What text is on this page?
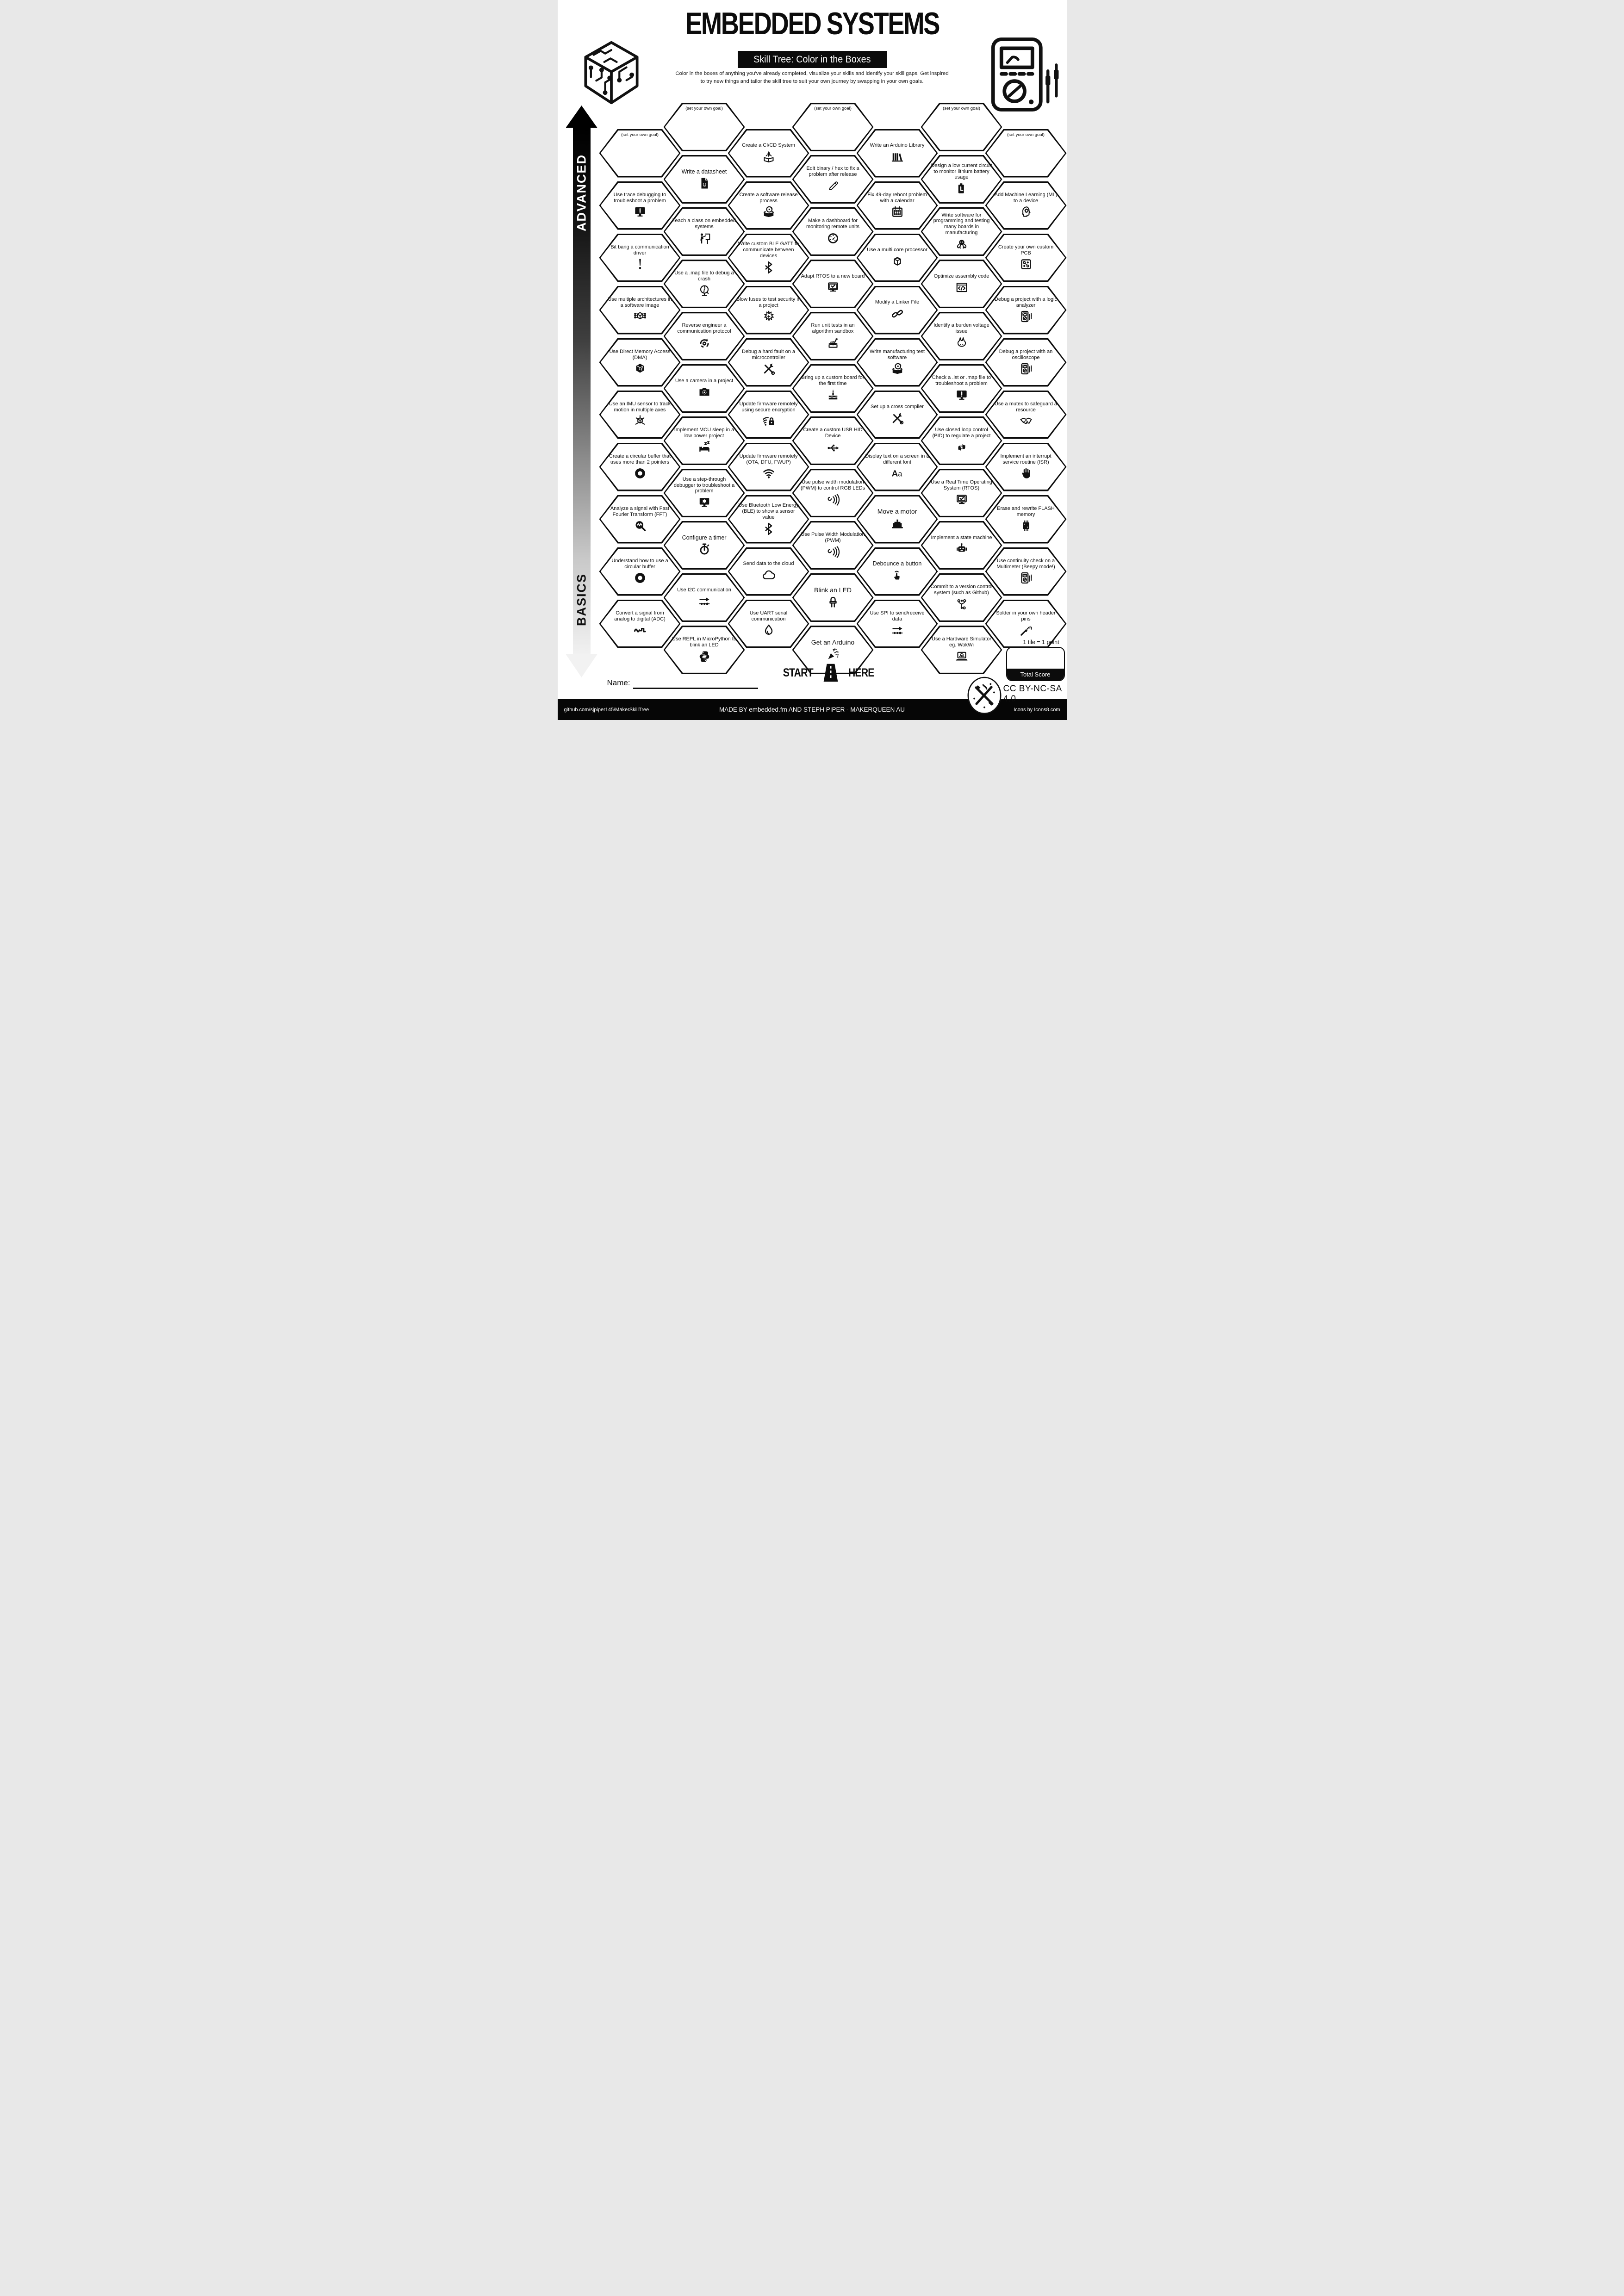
EMBEDDED SYSTEMS
Skill Tree: Color in the Boxes
Color in the boxes of anything you've already completed, visualize your skills and identify your skill gaps. Get inspired
to try new things and tailor the skill tree to suit your own journey by swapping in your own goals.
ADVANCED
BASICS
(set your own goal)
Use trace debugging to troubleshoot a problem
Bit bang a communication driver
Use multiple architectures in a software image
Use Direct Memory Access (DMA)
Use an IMU sensor to track motion in multiple axes
Create a circular buffer that uses more than 2 pointers
Analyze a signal with Fast Fourier Transform (FFT)
Understand how to use a circular buffer
Convert a signal from analog to digital (ADC)
(set your own goal)
Write a datasheet
Teach a class on embedded systems
Use a .map file to debug a crash
Reverse engineer a communication protocol
Use a camera in a project
Implement MCU sleep in a low power project
Use a step-through debugger to troubleshoot a problem
Configure a timer
Use I2C communication
Use REPL in MicroPython to blink an LED
Create a CI/CD System
Create a software release process
Write custom BLE GATT to communicate between devices
Blow fuses to test security in a project
Debug a hard fault on a microcontroller
Update firmware remotely using secure encryption
Update firmware remotely (OTA, DFU, FWUP)
Use Bluetooth Low Energy (BLE) to show a sensor value
Send data to the cloud
Use UART serial communication
(set your own goal)
Edit binary / hex to fix a problem after release
Make a dashboard for monitoring remote units
Adapt RTOS to a new board
Run unit tests in an algorithm sandbox
Bring up a custom board for the first time
Create a custom USB HID Device
Use pulse width modulation (PWM) to control RGB LEDs
Use Pulse Width Modulation (PWM)
Blink an LED
Get an Arduino
Write an Arduino Library
Fix 49-day reboot problem with a calendar
Use a multi core processor
Modify a Linker File
Write manufacturing test software
Set up a cross compiler
Display text on a screen in a different font
A a
Move a motor
Debounce a button
Use SPI to send/receive data
(set your own goal)
Design a low current circuit to monitor lithium battery usage
Write software for programming and testing many boards in manufacturing
Optimize assembly code
Identify a burden voltage issue
Check a .lst or .map file to troubleshoot a problem
Use closed loop control (PID) to regulate a project
Use a Real Time Operating System (RTOS)
Implement a state machine
Commit to a version control system (such as Github)
Use a Hardware Simulator eg. WokWi
(set your own goal)
Add Machine Learning (ML) to a device
Create your own custom PCB
Debug a project with a logic analyzer
Debug a project with an oscilloscope
Use a mutex to safeguard a resource
Implement an interrupt service routine (ISR)
Erase and rewrite FLASH memory
Use continuity check on a Multimeter (Beepy mode!)
Solder in your own header pins
START	HERE
Name:
1 tile = 1 point
Total Score
CC BY-NC-SA 4.0
github.com/sjpiper145/MakerSkillTree	MADE BY embedded.fm AND STEPH PIPER - MAKERQUEEN AU	Icons by Icons8.com
